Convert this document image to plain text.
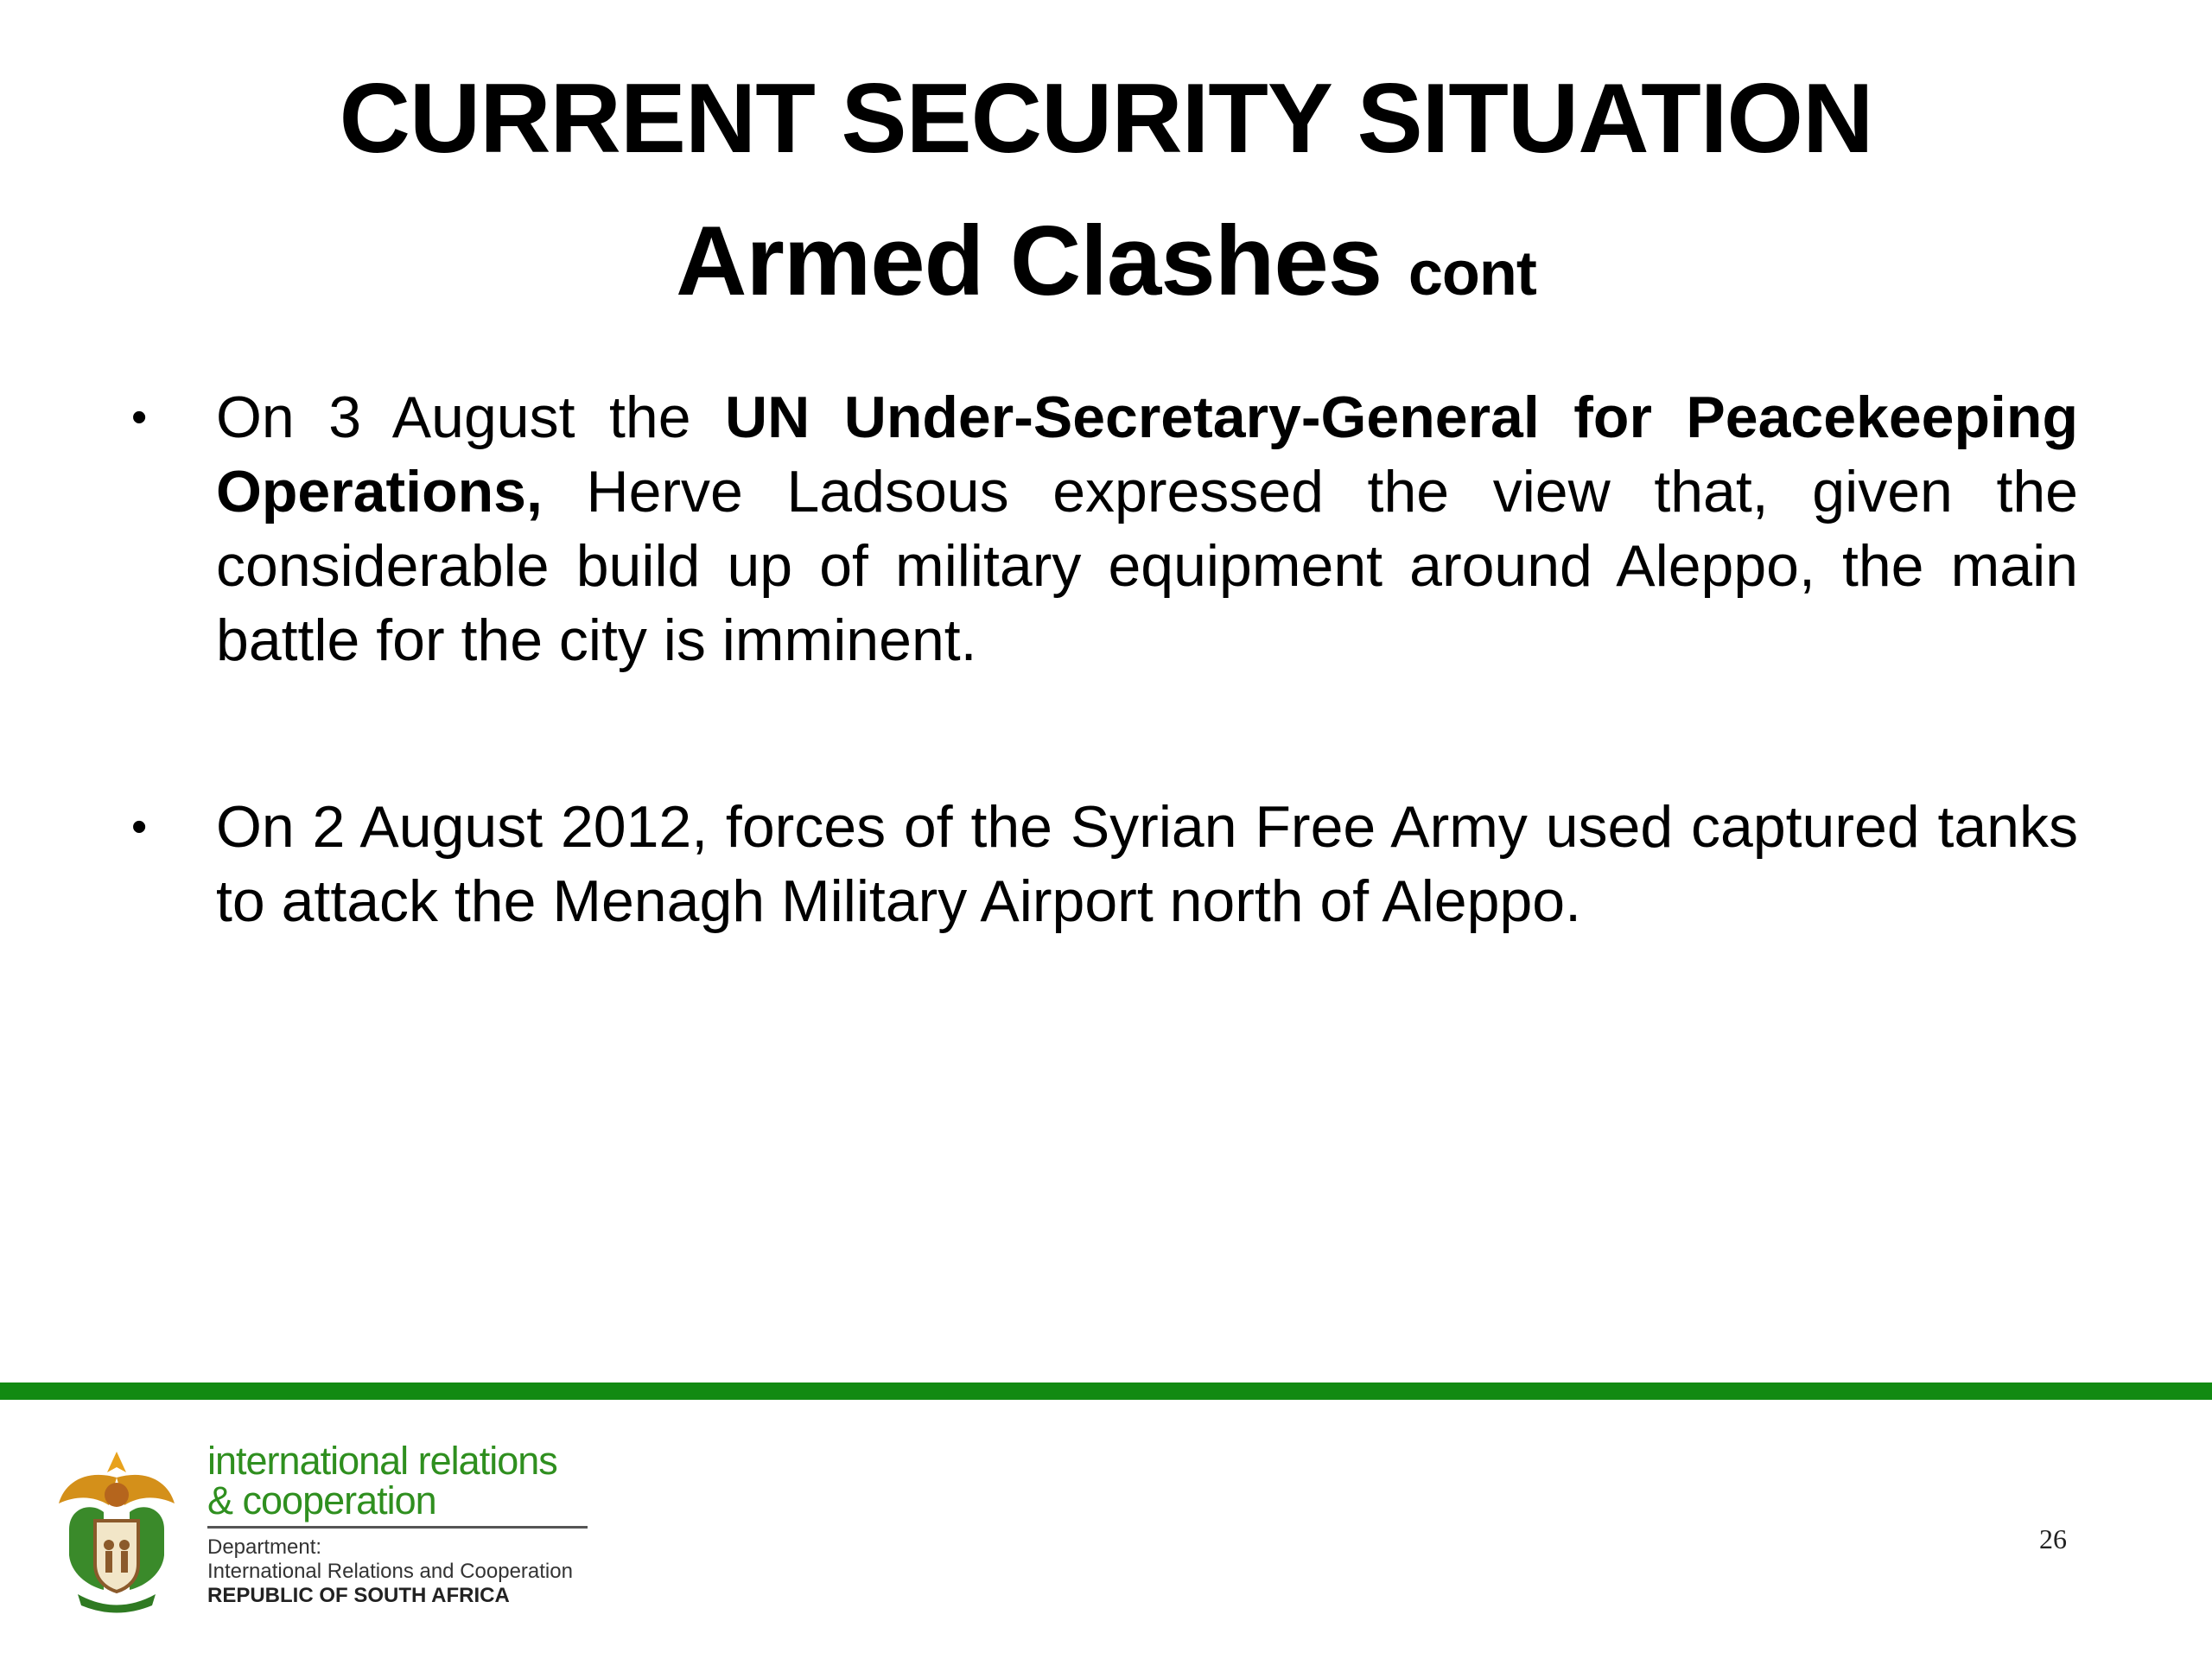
CURRENT SECURITY SITUATION
Armed Clashes cont
• On 3 August the UN Under-Secretary-General for Peacekeeping Operations, Herve Ladsous expressed the view that, given the considerable build up of military equipment around Aleppo, the main battle for the city is imminent.
• On 2 August 2012, forces of the Syrian Free Army used captured tanks to attack the Menagh Military Airport north of Aleppo.
international relations
& cooperation
Department:
International Relations and Cooperation
REPUBLIC OF SOUTH AFRICA
26
